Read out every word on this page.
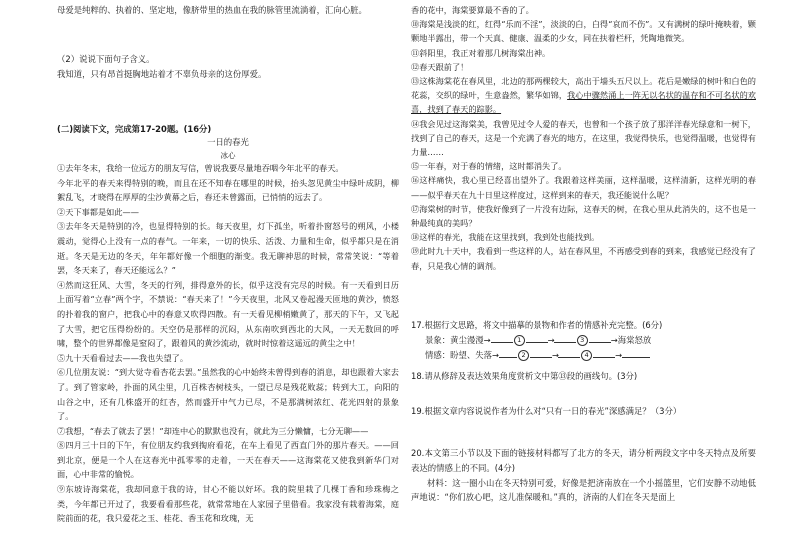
母爱是纯粹的、执着的、坚定地，像脐带里的热血在我的脉管里流淌着，汇向心脏。

（2）说说下面句子含义。

我知道，只有昂首挺胸地站着才不辜负母亲的这份厚爱。

(二)阅读下文，完成第17-20题。(16分)

一日的春光

冰心

①去年冬末，我给一位远方的朋友写信，曾说我要尽量地吞咽今年北平的春天。

今年北平的春天来得特别的晚，而且在还不知春在哪里的时候，抬头忽见黄尘中绿叶成阴，柳絮乱飞，才晓得在厚厚的尘沙黄幕之后，春还未曾露面，已悄悄的远去了。

②天下事都是如此——

③去年冬天是特别的冷，也显得特别的长。每天夜里，灯下孤坐，听着扑窗怒号的朔风，小楼震动，觉得心上没有一点的春气。一年来，一切的快乐、活泼、力量和生命，似乎都只是在消逝。冬天是无边的冬天，年年都好像一个细胞的渐变。我无聊神思的时候，常常笑说：“等着罢，冬天来了，春天还能远么？”

④然而这狂风、大雪，冬天的行列，排得意外的长，似乎这没有完尽的时候。有一天看到日历上面写着“立春”两个字，不禁说：“春天来了！”今天夜里，北风又卷起漫天匝地的黄沙，愤怒的扑着我的窗户，把我心中的春意又吹得四散。有一天看见柳梢嫩黄了，那天的下午，又飞起了大雪，把它压得纷纷的。天空仍是那样的沉闷，从东南吹到西北的大风，一天无数回的呼啸，整个的世界都像是窒闷了，跟着风的黄沙流动，就时时惊着这遥远的黄尘之中！

⑤九十天看看过去——我也失望了。

⑥几位朋友说：“到大觉寺看杏花去罢。”虽然我的心中始终未曾得到春的消息，却也跟着大家去了。到了管家岭，扑面的风尘里，几百株杏树枝头，一望已尽是残花败蕊；转到大工，向阳的山谷之中，还有几株盛开的红杏，然而盛开中气力已尽，不是那满树浓红、花光四射的景象了。

⑦我想，“春去了就去了罢！”却连中心的默默也没有，就此为三分懒慵，七分无聊——

⑧四月三十日的下午，有位朋友约我到掏府看花，在车上看见了西直门外的那片春天。——回到北京，便是一个人在这春光中孤零零的走着，一天在春天——这海棠花又使我到新华门对面，心中非常的愉悦。

⑨东坡诗海棠花，我却同意于我的诗，甘心不能以好坏。我的院里栽了几棵丁香和珍珠梅之类，今年都已开过了，我要看看那些花，就常常地在人家园子里借看。我家没有栽着海棠，庭院前面的花，我只爱花之玉、桂花、香玉花和玫瑰，无

香的花中，海棠要算最不香的了。

⑩海棠是浅淡的红，红得“乐而不淫”，淡淡的白，白得“哀而不伤”。又有满树的绿叶掩映着，颗颗地半露出，带一个天真、健康、温柔的少女，同在扶着栏杆，凭陶地微笑。

⑪斜阳里，我正对着那几树海棠出神。

⑫春天跟前了！

⑬这株海棠花在春风里，北边的那两棵较大，高出于墙头五尺以上。花后是嫩绿的树叶和白色的花蕊，交织的绿叶，生意盎然，繁华如锦，我心中骤然涌上一阵无以名状的温存和不可名状的欢喜，找到了春天的踪影。

⑭我会见过这海棠美，我曾见过令人爱的春天，也曾和一个孩子放了那洋洋春光绿意和一树下，找到了自己的春天，这是一个充满了春光的地方，在这里，我觉得快乐，也觉得温暖，也觉得有力量……

⑮一年春，对于春的情绪，这时都消失了。

⑯这样痛快，我心里已经喜出望外了。我跟着这样美丽，这样温暖，这样清新，这样光明的春——似乎春天在九十日里这样度过，这样到来的春天，我还能说什么呢？

⑰海棠树的时节，使我好像到了一片没有边际，这春天的树，在我心里从此消失的，这不也是一种最纯真的美吗？

⑱这样的春光，我能在这里找到，我到处也能找到。

⑲此时九十天中，我看到一些这样的人，站在春风里，不再感受到春的到来，我感觉已经没有了春，只是我心情的调剂。

17.根据行文思路，将文中描摹的景物和作者的情感补充完整。(6分)

景象：黄尘漫漫→	1	→	3	→海棠怒放

情感：盼望、失落→	2	→	4	→

18.请从修辞及表达效果角度赏析文中第⑬段的画线句。(3分)

19.根据文章内容说说作者为什么对“只有一日的春光”深感满足？（3分）

20.本文第三小节以及下面的链接材料都写了北方的冬天，请分析两段文字中冬天特点及所要表达的情感上的不同。(4分)

材料：这一圈小山在冬天特别可爱，好像是把济南放在一个小摇篮里，它们安静不动地低声地说：“你们放心吧，这儿准保暖和。”真的，济南的人们在冬天是面上
